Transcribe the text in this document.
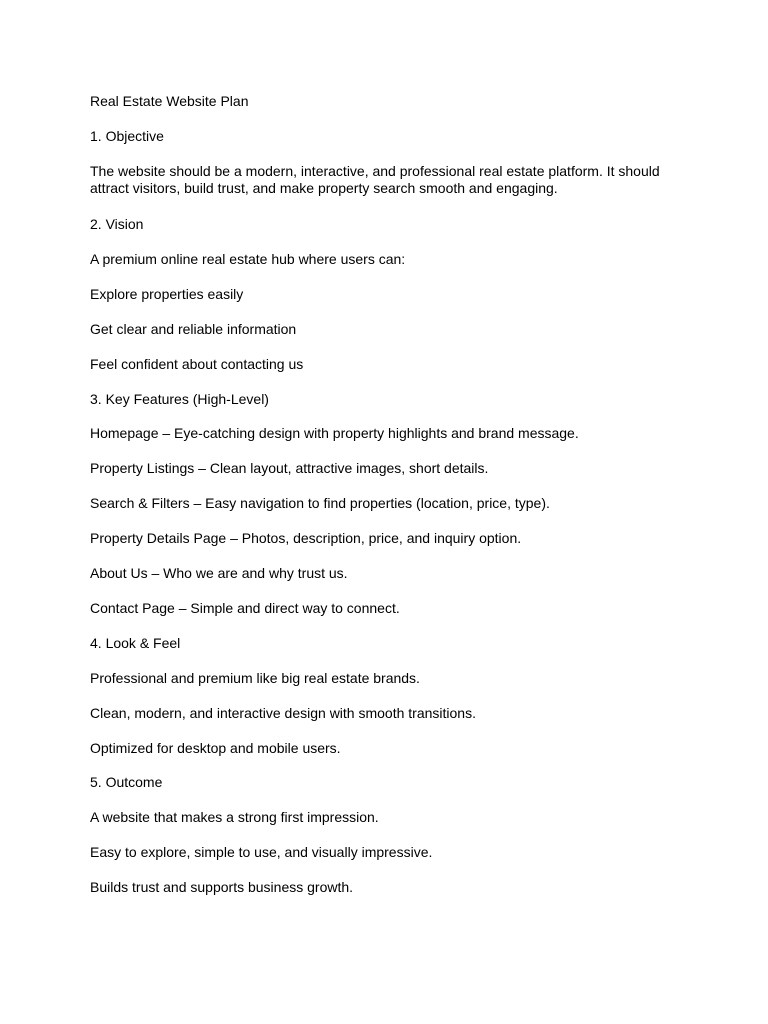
Real Estate Website Plan

1. Objective

The website should be a modern, interactive, and professional real estate platform. It should

attract visitors, build trust, and make property search smooth and engaging.

2. Vision

A premium online real estate hub where users can:

Explore properties easily

Get clear and reliable information

Feel confident about contacting us

3. Key Features (High-Level)

Homepage – Eye-catching design with property highlights and brand message.

Property Listings – Clean layout, attractive images, short details.

Search & Filters – Easy navigation to find properties (location, price, type).

Property Details Page – Photos, description, price, and inquiry option.

About Us – Who we are and why trust us.

Contact Page – Simple and direct way to connect.

4. Look & Feel

Professional and premium like big real estate brands.

Clean, modern, and interactive design with smooth transitions.

Optimized for desktop and mobile users.

5. Outcome

A website that makes a strong first impression.

Easy to explore, simple to use, and visually impressive.

Builds trust and supports business growth.
